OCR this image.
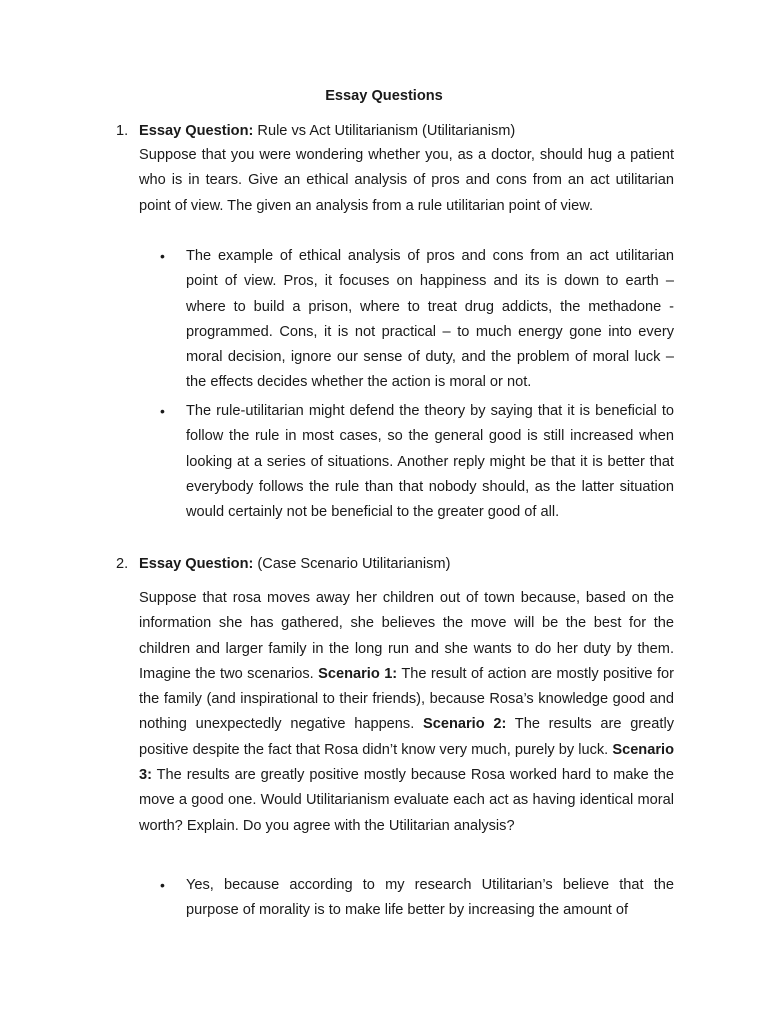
Essay Questions
1. Essay Question: Rule vs Act Utilitarianism (Utilitarianism)
Suppose that you were wondering whether you, as a doctor, should hug a patient who is in tears. Give an ethical analysis of pros and cons from an act utilitarian point of view. The given an analysis from a rule utilitarian point of view.
• The example of ethical analysis of pros and cons from an act utilitarian point of view. Pros, it focuses on happiness and its is down to earth – where to build a prison, where to treat drug addicts, the methadone -programmed. Cons, it is not practical – to much energy gone into every moral decision, ignore our sense of duty, and the problem of moral luck – the effects decides whether the action is moral or not.
• The rule-utilitarian might defend the theory by saying that it is beneficial to follow the rule in most cases, so the general good is still increased when looking at a series of situations. Another reply might be that it is better that everybody follows the rule than that nobody should, as the latter situation would certainly not be beneficial to the greater good of all.
2. Essay Question: (Case Scenario Utilitarianism)
Suppose that rosa moves away her children out of town because, based on the information she has gathered, she believes the move will be the best for the children and larger family in the long run and she wants to do her duty by them. Imagine the two scenarios. Scenario 1: The result of action are mostly positive for the family (and inspirational to their friends), because Rosa’s knowledge good and nothing unexpectedly negative happens. Scenario 2: The results are greatly positive despite the fact that Rosa didn’t know very much, purely by luck. Scenario 3: The results are greatly positive mostly because Rosa worked hard to make the move a good one. Would Utilitarianism evaluate each act as having identical moral worth? Explain. Do you agree with the Utilitarian analysis?
• Yes, because according to my research Utilitarian’s believe that the purpose of morality is to make life better by increasing the amount of
